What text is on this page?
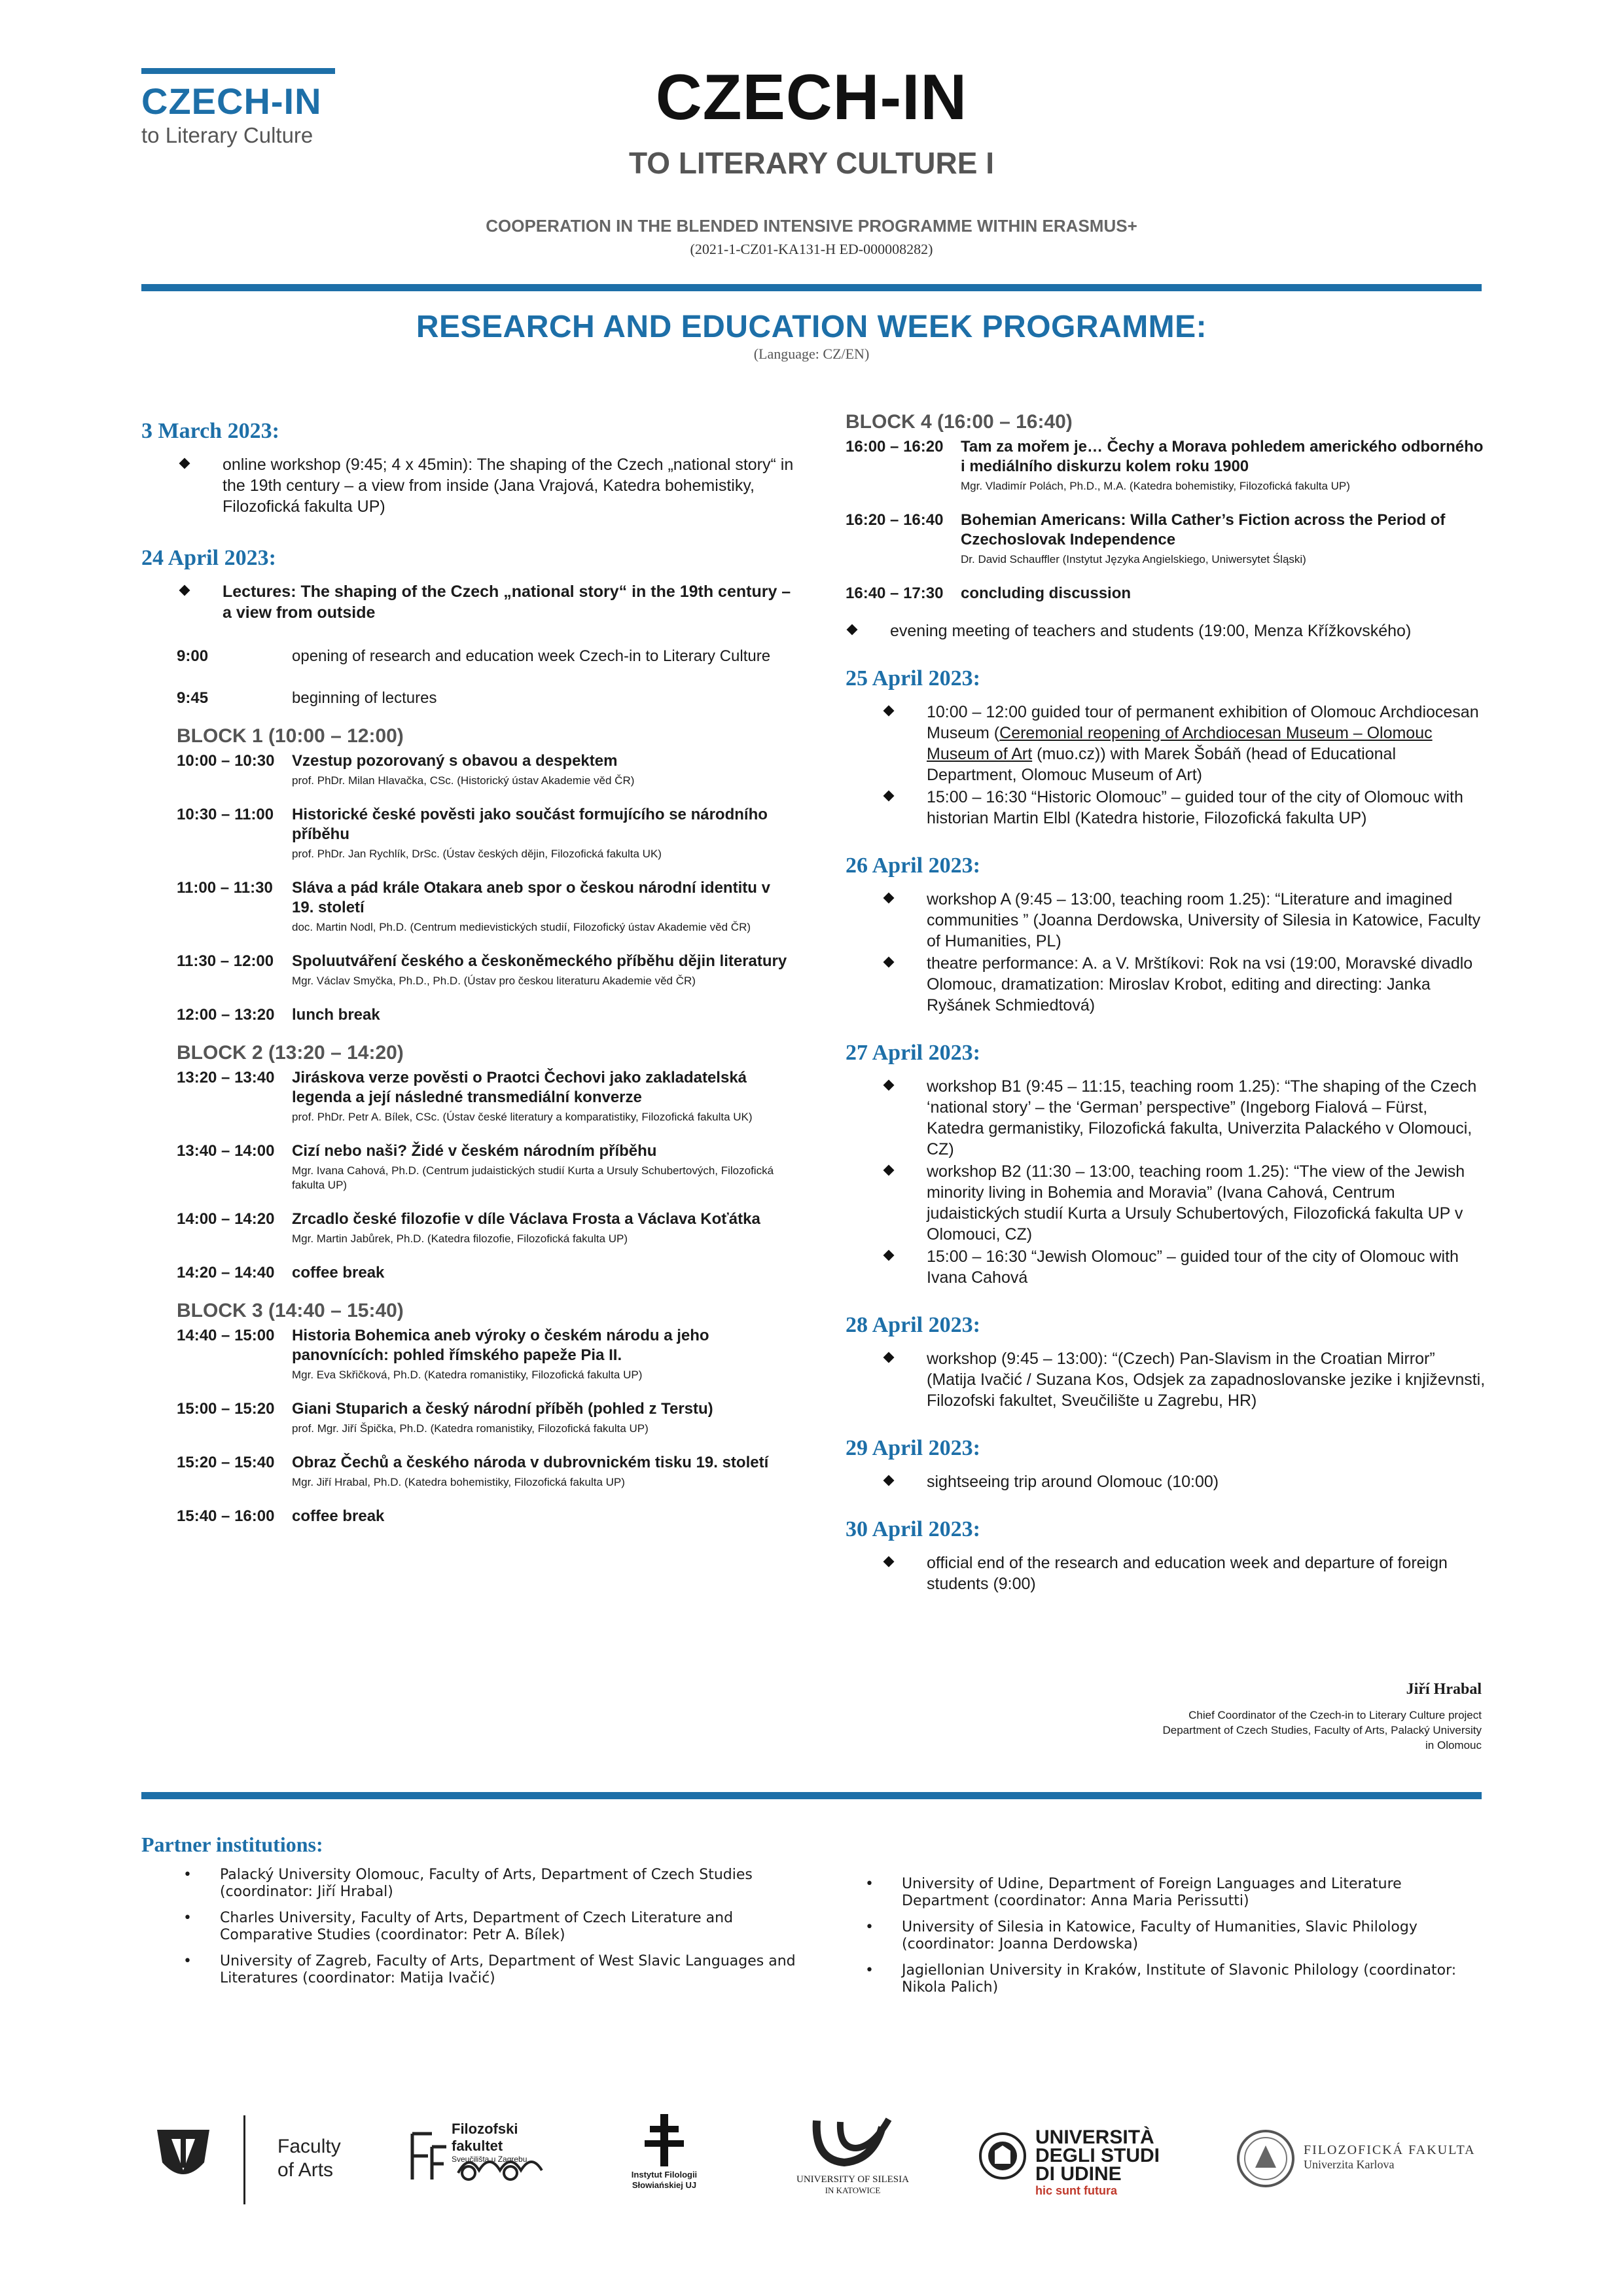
CZECH-IN
to Literary Culture
CZECH-IN
TO LITERARY CULTURE I
COOPERATION IN THE BLENDED INTENSIVE PROGRAMME WITHIN ERASMUS+
(2021-1-CZ01-KA131-H ED-000008282)
RESEARCH AND EDUCATION WEEK PROGRAMME:
(Language: CZ/EN)
3 March 2023:
online workshop (9:45; 4 x 45min): The shaping of the Czech „national story“ in the 19th century – a view from inside (Jana Vrajová, Katedra bohemistiky, Filozofická fakulta UP)
24 April 2023:
Lectures: The shaping of the Czech „national story“ in the 19th century – a view from outside
9:00	opening of research and education week Czech-in to Literary Culture
9:45	beginning of lectures
BLOCK 1 (10:00 – 12:00)
10:00 – 10:30	Vzestup pozorovaný s obavou a despektem
prof. PhDr. Milan Hlavačka, CSc. (Historický ústav Akademie věd ČR)
10:30 – 11:00	Historické české pověsti jako součást formujícího se národního příběhu
prof. PhDr. Jan Rychlík, DrSc. (Ústav českých dějin, Filozofická fakulta UK)
11:00 – 11:30	Sláva a pád krále Otakara aneb spor o českou národní identitu v 19. století
doc. Martin Nodl, Ph.D. (Centrum medievistických studií, Filozofický ústav Akademie věd ČR)
11:30 – 12:00	Spoluutváření českého a českoněmeckého příběhu dějin literatury
Mgr. Václav Smyčka, Ph.D., Ph.D. (Ústav pro českou literaturu Akademie věd ČR)
12:00 – 13:20	lunch break
BLOCK 2 (13:20 – 14:20)
13:20 – 13:40	Jiráskova verze pověsti o Praotci Čechovi jako zakladatelská legenda a její následné transmediální konverze
prof. PhDr. Petr A. Bílek, CSc. (Ústav české literatury a komparatistiky, Filozofická fakulta UK)
13:40 – 14:00	Cizí nebo naši? Židé v českém národním příběhu
Mgr. Ivana Cahová, Ph.D. (Centrum judaistických studií Kurta a Ursuly Schubertových, Filozofická fakulta UP)
14:00 – 14:20	Zrcadlo české filozofie v díle Václava Frosta a Václava Koťátka
Mgr. Martin Jabůrek, Ph.D. (Katedra filozofie, Filozofická fakulta UP)
14:20 – 14:40	coffee break
BLOCK 3 (14:40 – 15:40)
14:40 – 15:00	Historia Bohemica aneb výroky o českém národu a jeho panovnících: pohled římského papeže Pia II.
Mgr. Eva Skřičková, Ph.D. (Katedra romanistiky, Filozofická fakulta UP)
15:00 – 15:20	Giani Stuparich a český národní příběh (pohled z Terstu)
prof. Mgr. Jiří Špička, Ph.D. (Katedra romanistiky, Filozofická fakulta UP)
15:20 – 15:40	Obraz Čechů a českého národa v dubrovnickém tisku 19. století
Mgr. Jiří Hrabal, Ph.D. (Katedra bohemistiky, Filozofická fakulta UP)
15:40 – 16:00	coffee break
BLOCK 4 (16:00 – 16:40)
16:00 – 16:20	Tam za mořem je… Čechy a Morava pohledem amerického odborného i mediálního diskurzu kolem roku 1900
Mgr. Vladimír Polách, Ph.D., M.A. (Katedra bohemistiky, Filozofická fakulta UP)
16:20 – 16:40	Bohemian Americans: Willa Cather’s Fiction across the Period of Czechoslovak Independence
Dr. David Schauffler (Instytut Języka Angielskiego, Uniwersytet Śląski)
16:40 – 17:30	concluding discussion
evening meeting of teachers and students (19:00, Menza Křížkovského)
25 April 2023:
10:00 – 12:00 guided tour of permanent exhibition of Olomouc Archdiocesan Museum (Ceremonial reopening of Archdiocesan Museum – Olomouc Museum of Art (muo.cz)) with Marek Šobáň (head of Educational Department, Olomouc Museum of Art)
15:00 – 16:30 “Historic Olomouc” – guided tour of the city of Olomouc with historian Martin Elbl (Katedra historie, Filozofická fakulta UP)
26 April 2023:
workshop A (9:45 – 13:00, teaching room 1.25): “Literature and imagined communities ” (Joanna Derdowska, University of Silesia in Katowice, Faculty of Humanities, PL)
theatre performance: A. a V. Mrštíkovi: Rok na vsi (19:00, Moravské divadlo Olomouc, dramatization: Miroslav Krobot, editing and directing: Janka Ryšánek Schmiedtová)
27 April 2023:
workshop B1 (9:45 – 11:15, teaching room 1.25): “The shaping of the Czech ‘national story’ – the ‘German’ perspective” (Ingeborg Fialová – Fürst, Katedra germanistiky, Filozofická fakulta, Univerzita Palackého v Olomouci, CZ)
workshop B2 (11:30 – 13:00, teaching room 1.25): “The view of the Jewish minority living in Bohemia and Moravia” (Ivana Cahová, Centrum judaistických studií Kurta a Ursuly Schubertových, Filozofická fakulta UP v Olomouci, CZ)
15:00 – 16:30 “Jewish Olomouc” – guided tour of the city of Olomouc with Ivana Cahová
28 April 2023:
workshop (9:45 – 13:00): “(Czech) Pan-Slavism in the Croatian Mirror” (Matija Ivačić / Suzana Kos, Odsjek za zapadnoslovanske jezike i književnsti, Filozofski fakultet, Sveučilište u Zagrebu, HR)
29 April 2023:
sightseeing trip around Olomouc (10:00)
30 April 2023:
official end of the research and education week and departure of foreign students (9:00)
Jiří Hrabal
Chief Coordinator of the Czech-in to Literary Culture project
Department of Czech Studies, Faculty of Arts, Palacký University
in Olomouc
Partner institutions:
• Palacký University Olomouc, Faculty of Arts, Department of Czech Studies (coordinator: Jiří Hrabal)
• Charles University, Faculty of Arts, Department of Czech Literature and Comparative Studies (coordinator: Petr A. Bílek)
• University of Zagreb, Faculty of Arts, Department of West Slavic Languages and Literatures (coordinator: Matija Ivačić)
• University of Udine, Department of Foreign Languages and Literature Department (coordinator: Anna Maria Perissutti)
• University of Silesia in Katowice, Faculty of Humanities, Slavic Philology (coordinator: Joanna Derdowska)
• Jagiellonian University in Kraków, Institute of Slavonic Philology (coordinator: Nikola Palich)
Faculty
of Arts
Filozofski fakultet
Sveučilišta u Zagrebu
Instytut Filologii
Słowiańskiej UJ
UNIVERSITY OF SILESIA
IN KATOWICE
UNIVERSITÀ
DEGLI STUDI
DI UDINE
hic sunt futura
FILOZOFICKÁ FAKULTA
Univerzita Karlova
